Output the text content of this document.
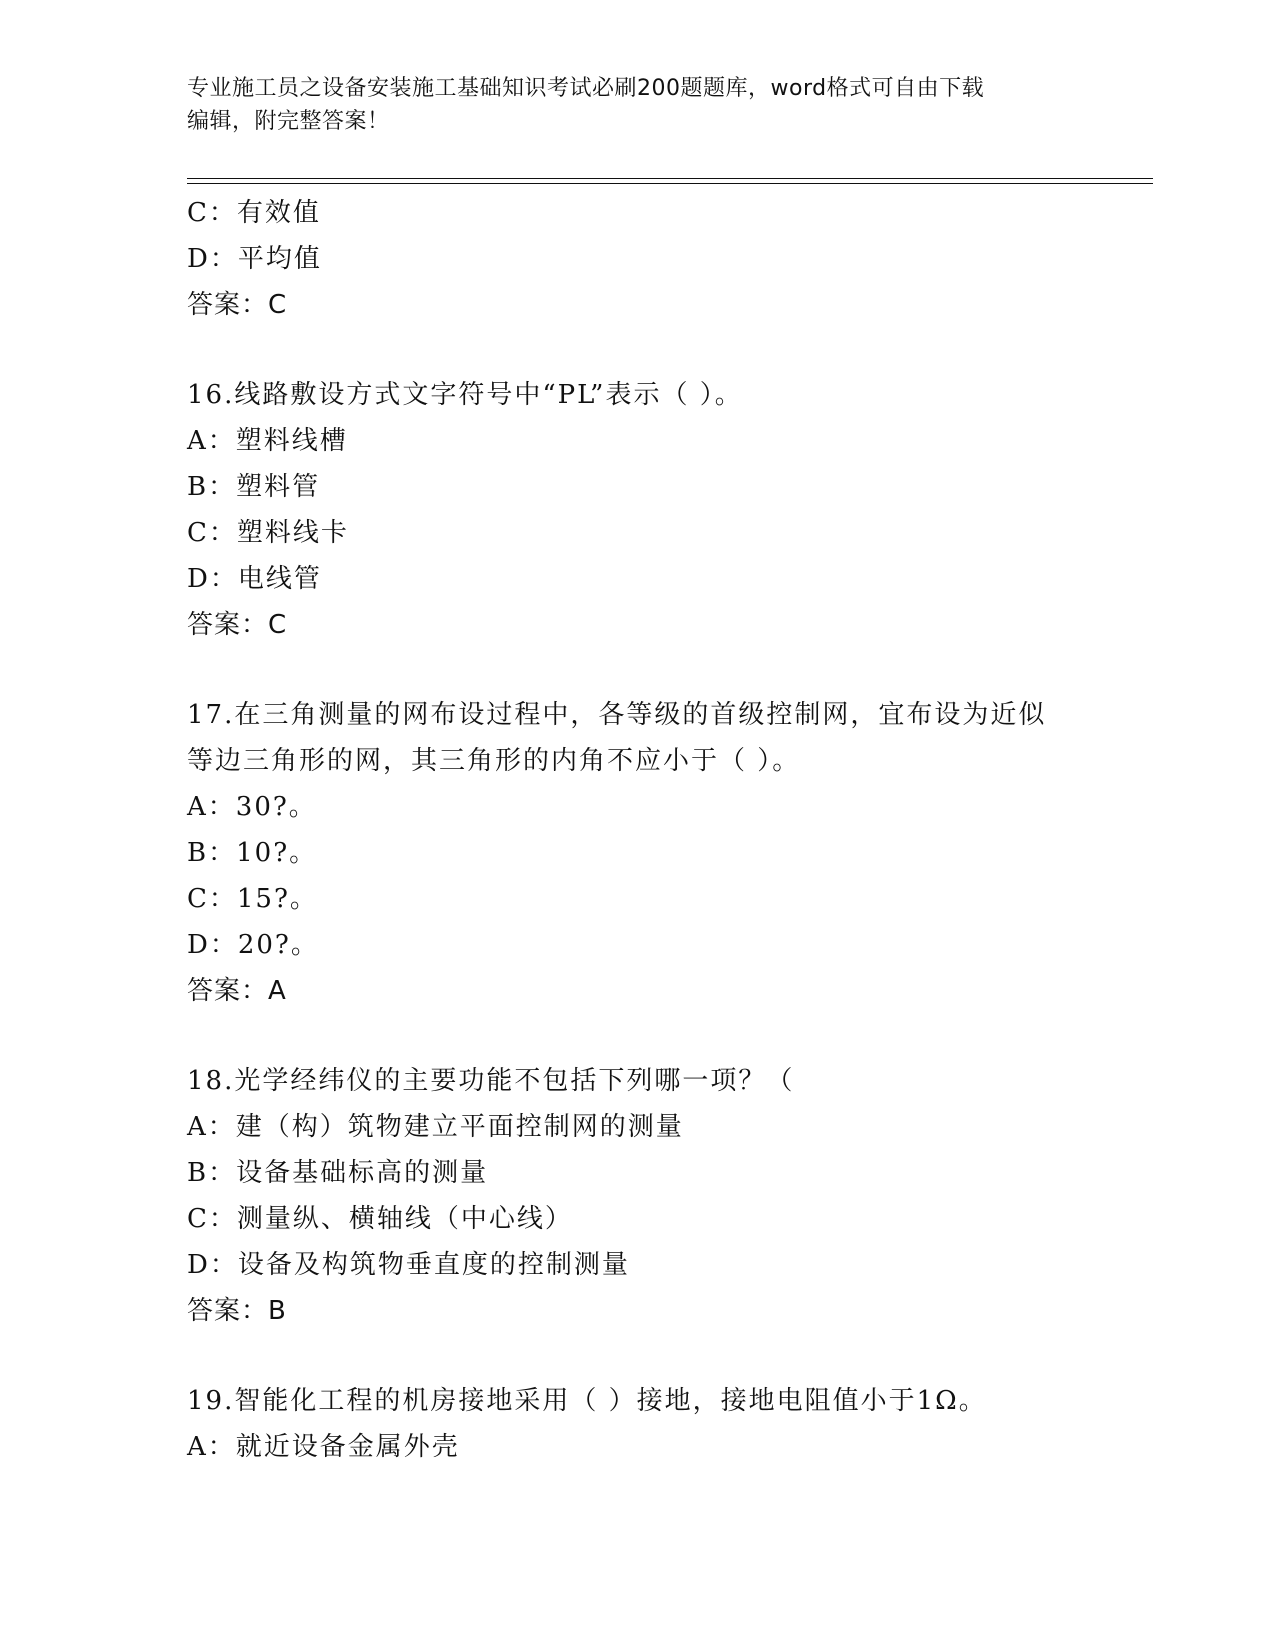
专业施工员之设备安装施工基础知识考试必刷200题题库，word格式可自由下载
编辑，附完整答案！
C：有效值
D：平均值
答案：C
16.线路敷设方式文字符号中“PL”表示（ ）。
A：塑料线槽
B：塑料管
C：塑料线卡
D：电线管
答案：C
17.在三角测量的网布设过程中，各等级的首级控制网，宜布设为近似
等边三角形的网，其三角形的内角不应小于（ ）。
A：30?。
B：10?。
C：15?。
D：20?。
答案：A
18.光学经纬仪的主要功能不包括下列哪一项？（
A：建（构）筑物建立平面控制网的测量
B：设备基础标高的测量
C：测量纵、横轴线（中心线）
D：设备及构筑物垂直度的控制测量
答案：B
19.智能化工程的机房接地采用（ ）接地，接地电阻值小于1Ω。
A：就近设备金属外壳
